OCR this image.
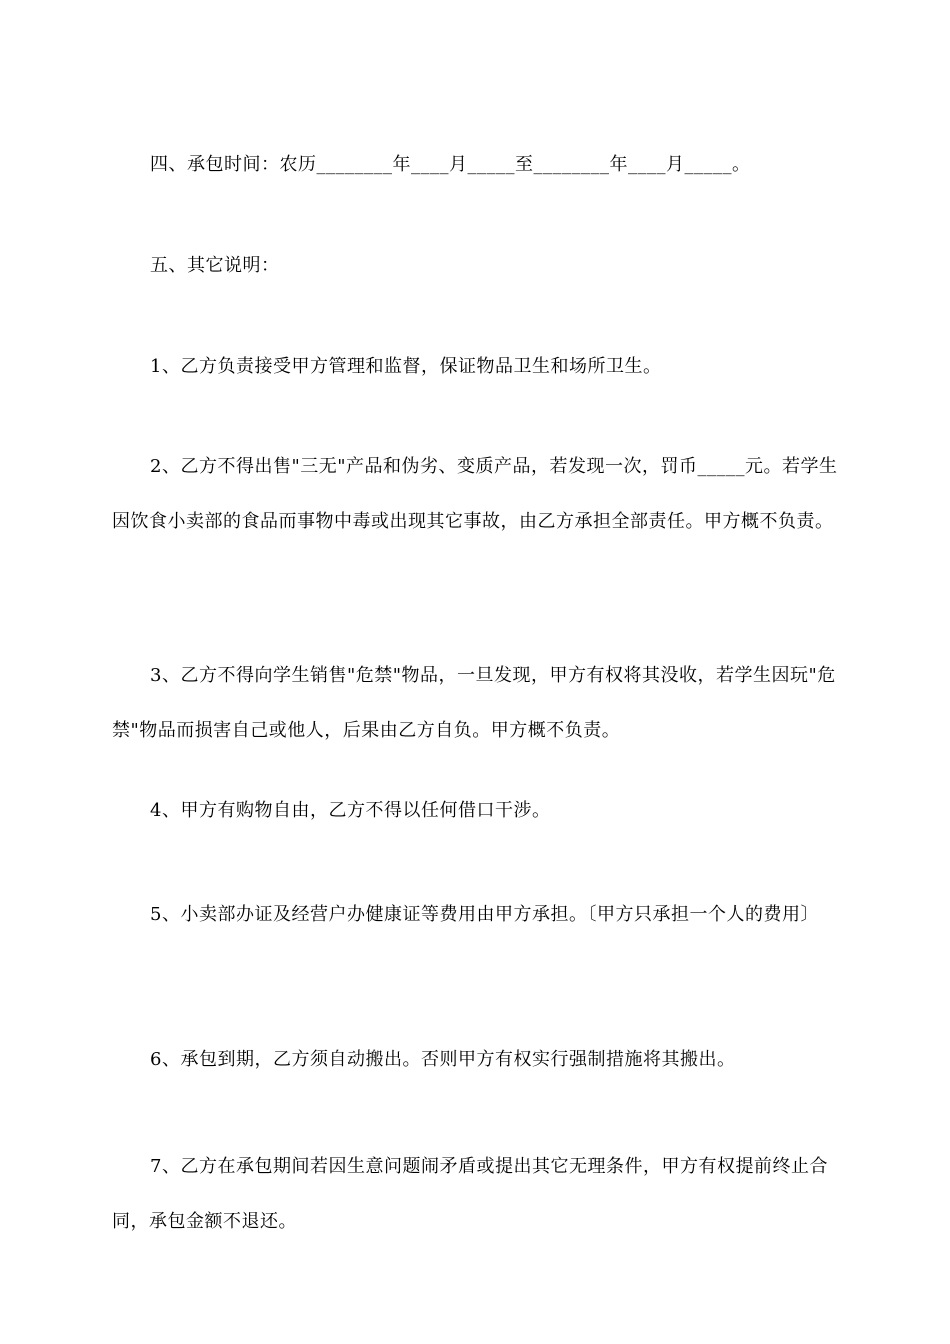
四、承包时间：农历________年____月_____至________年____月_____。

五、其它说明：

1、乙方负责接受甲方管理和监督，保证物品卫生和场所卫生。

2、乙方不得出售"三无"产品和伪劣、变质产品，若发现一次，罚币_____元。若学生因饮食小卖部的食品而事物中毒或出现其它事故，由乙方承担全部责任。甲方概不负责。

3、乙方不得向学生销售"危禁"物品，一旦发现，甲方有权将其没收，若学生因玩"危禁"物品而损害自己或他人，后果由乙方自负。甲方概不负责。

4、甲方有购物自由，乙方不得以任何借口干涉。

5、小卖部办证及经营户办健康证等费用由甲方承担。〔甲方只承担一个人的费用〕

6、承包到期，乙方须自动搬出。否则甲方有权实行强制措施将其搬出。

7、乙方在承包期间若因生意问题闹矛盾或提出其它无理条件，甲方有权提前终止合同，承包金额不退还。
